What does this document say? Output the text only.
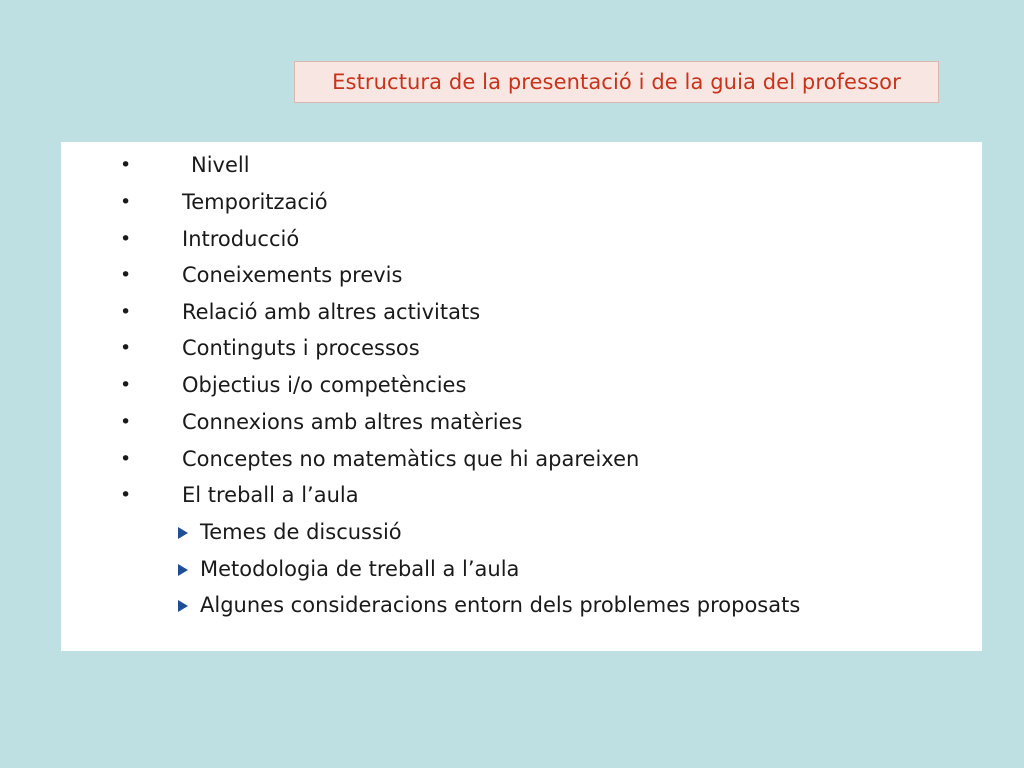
Estructura de la presentació i de la guia del professor
•	Nivell
• Temporització
• Introducció
• Coneixements previs
• Relació amb altres activitats
• Continguts i processos
• Objectius i/o competències
• Connexions amb altres matèries
• Conceptes no matemàtics que hi apareixen
• El treball a l’aula
Temes de discussió
Metodologia de treball a l’aula
Algunes consideracions entorn dels problemes proposats
